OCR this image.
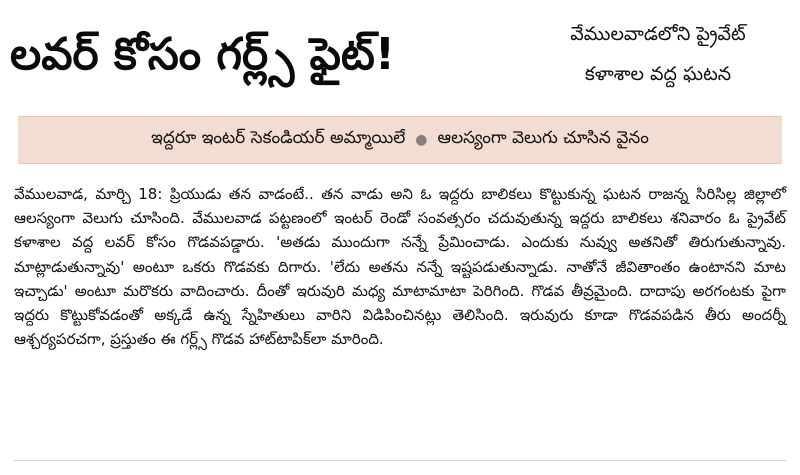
లవర్ కోసం గర్ల్స్ ఫైట్!	వేములవాడలోని ప్రైవేట్
కళాశాల వద్ద ఘటన
ఇద్దరూ ఇంటర్ సెకండియర్ అమ్మాయిలే ● ఆలస్యంగా వెలుగు చూసిన వైనం

వేములవాడ, మార్చి 18: ప్రియుడు తన వాడంటే.. తన వాడు అని ఓ ఇద్దరు బాలికలు కొట్టుకున్న ఘటన రాజన్న సిరిసిల్ల జిల్లాలో ఆలస్యంగా వెలుగు చూసింది. వేములవాడ పట్టణంలో ఇంటర్ రెండో సంవత్సరం చదువుతున్న ఇద్దరు బాలికలు శనివారం ఓ ప్రైవేట్ కళాశాల వద్ద లవర్ కోసం గొడవపడ్డారు. 'అతడు ముందుగా నన్నే ప్రేమించాడు. ఎందుకు నువ్వు అతనితో తిరుగుతున్నావు. మాట్లాడుతున్నావు' అంటూ ఒకరు గొడవకు దిగారు. 'లేదు అతను నన్నే ఇష్టపడుతున్నాడు. నాతోనే జీవితాంతం ఉంటానని మాట ఇచ్చాడు' అంటూ మరొకరు వాదించారు. దీంతో ఇరువురి మధ్య మాటామాటా పెరిగింది. గొడవ తీవ్రమైంది. దాదాపు అరగంటకు పైగా ఇద్దరు కొట్టుకోవడంతో అక్కడే ఉన్న స్నేహితులు వారిని విడిపించినట్లు తెలిసింది. ఇరువురు కూడా గొడవపడిన తీరు అందర్నీ ఆశ్చర్యపరచగా, ప్రస్తుతం ఈ గర్ల్స్ గొడవ హాట్‌టాపిక్‌లా మారింది.
